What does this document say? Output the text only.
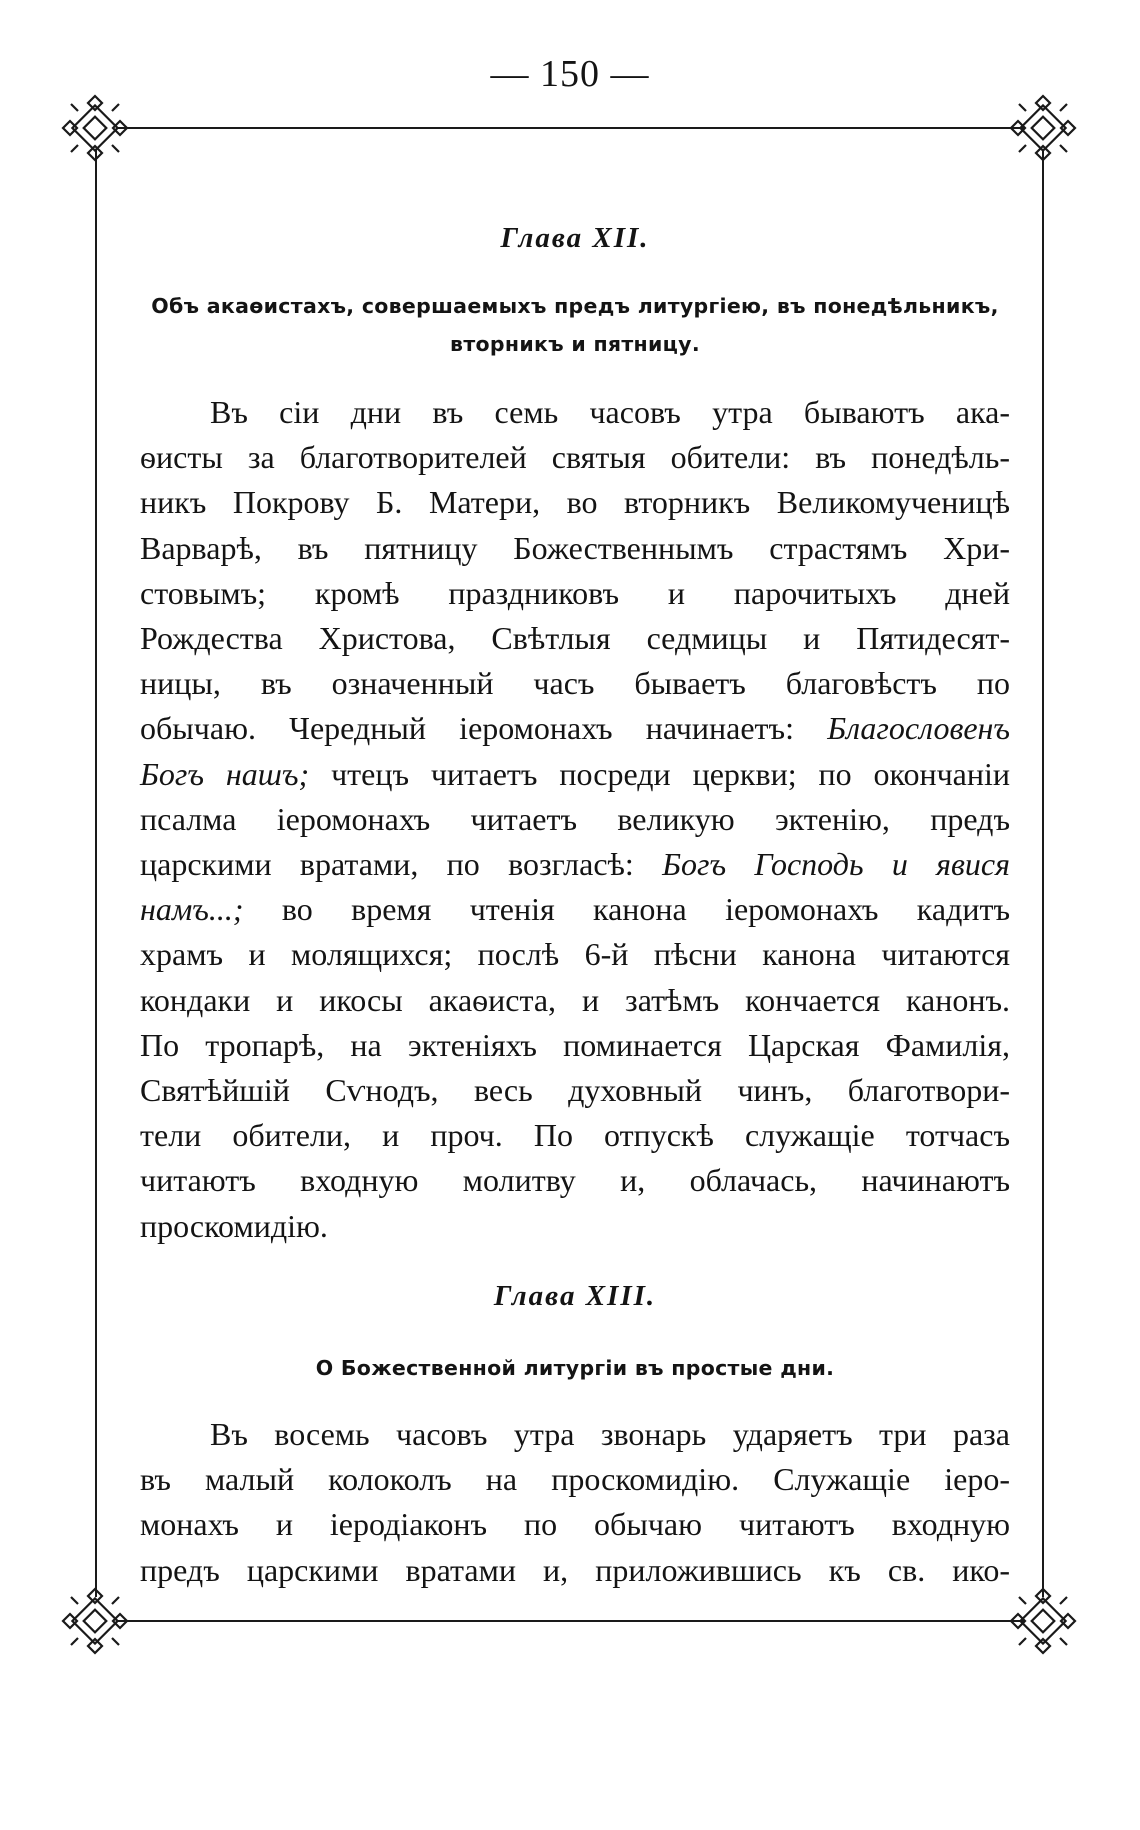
— 150 —
Глава XII.

Объ акаѳистахъ, совершаемыхъ предъ литургіею, въ понедѣльникъ,
вторникъ и пятницу.

Въ сіи дни въ семь часовъ утра бываютъ ака-
ѳисты за благотворителей святыя обители: въ понедѣль-
никъ Покрову Б. Матери, во вторникъ Великомученицѣ
Варварѣ, въ пятницу Божественнымъ страстямъ Хри-
стовымъ; кромѣ праздниковъ и парочитыхъ дней
Рождества Христова, Свѣтлыя седмицы и Пятидесят-
ницы, въ означенный часъ бываетъ благовѣстъ по
обычаю. Чередный іеромонахъ начинаетъ: Благословенъ
Богъ нашъ; чтецъ читаетъ посреди церкви; по окончаніи
псалма іеромонахъ читаетъ великую эктенію, предъ
царскими вратами, по возгласѣ: Богъ Господь и явися
намъ...; во время чтенія канона іеромонахъ кадитъ
храмъ и молящихся; послѣ 6-й пѣсни канона читаются
кондаки и икосы акаѳиста, и затѣмъ кончается канонъ.
По тропарѣ, на эктеніяхъ поминается Царская Фамилія,
Святѣйшій Сѵнодъ, весь духовный чинъ, благотвори-
тели обители, и проч. По отпускѣ служащіе тотчасъ
читаютъ входную молитву и, облачась, начинаютъ
проскомидію.

Глава XIII.

О Божественной литургіи въ простые дни.

Въ восемь часовъ утра звонарь ударяетъ три раза
въ малый колоколъ на проскомидію. Служащіе іеро-
монахъ и іеродіаконъ по обычаю читаютъ входную
предъ царскими вратами и, приложившись къ св. ико-
